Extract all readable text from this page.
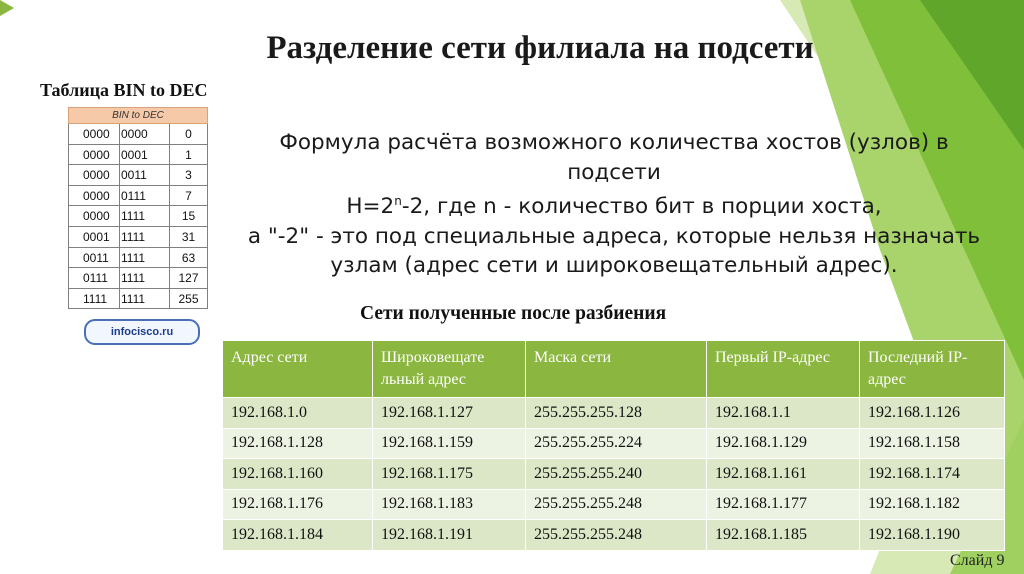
Разделение сети филиала на подсети
Таблица BIN to DEC
BIN to DEC
0000 0000	0
0000 0001	1
0000 0011	3
0000 0111	7
0000 1111	15
0001 1111	31
0011 1111	63
0111 1111	127
1111 1111	255
infocisco.ru
Формула расчёта возможного количества хостов (узлов) в подсети
$H=2^n-2$, где n - количество бит в порции хоста,
а "-2" - это под специальные адреса, которые нельзя назначать
узлам (адрес сети и широковещательный адрес).
Сети полученные после разбиения
Адрес сети	Широковещате льный адрес	Маска сети	Первый IP-адрес	Последний IP-адрес
192.168.1.0	192.168.1.127	255.255.255.128	192.168.1.1	192.168.1.126
192.168.1.128	192.168.1.159	255.255.255.224	192.168.1.129	192.168.1.158
192.168.1.160	192.168.1.175	255.255.255.240	192.168.1.161	192.168.1.174
192.168.1.176	192.168.1.183	255.255.255.248	192.168.1.177	192.168.1.182
192.168.1.184	192.168.1.191	255.255.255.248	192.168.1.185	192.168.1.190
Слайд 9
